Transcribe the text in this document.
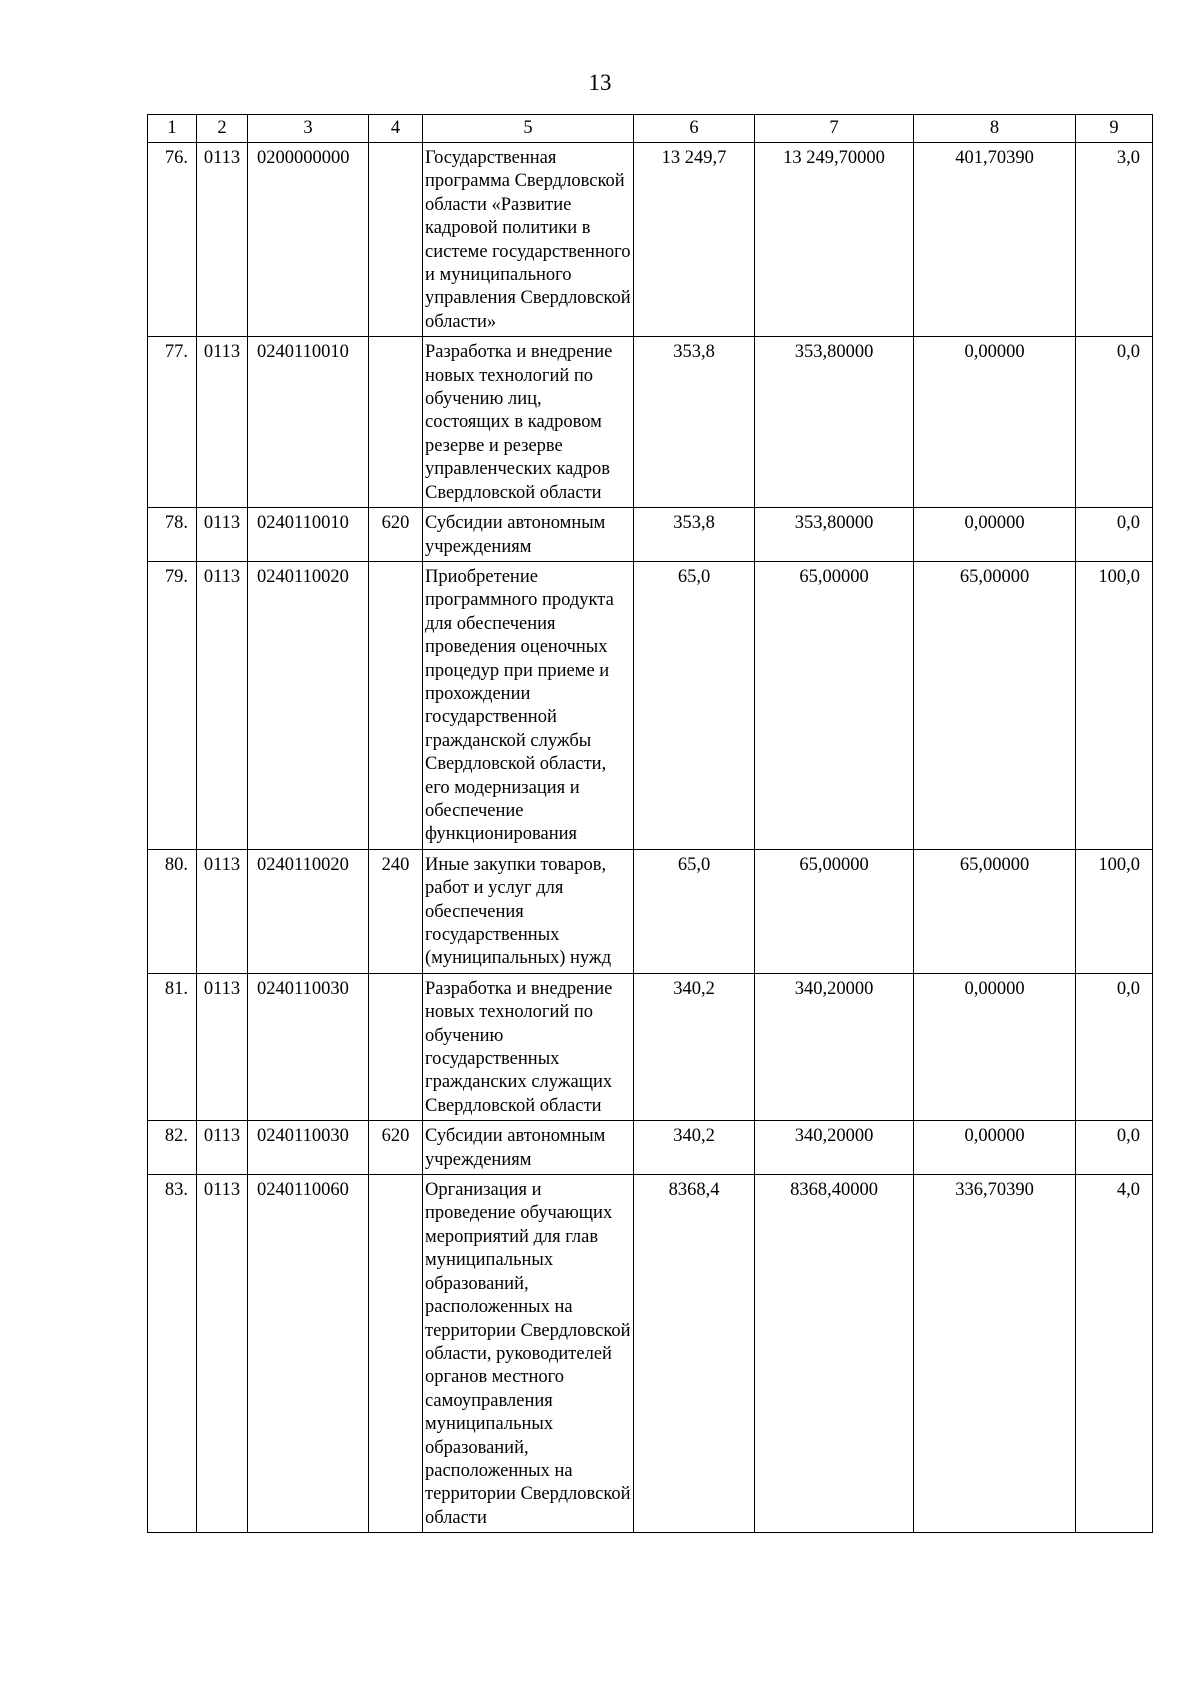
13
1	2	3	4	5	6	7	8	9
76.	0113	0200000000		Государственная программа Свердловской области «Развитие кадровой политики в системе государственного и муниципального управления Свердловской области»	13 249,7	13 249,70000	401,70390	3,0
77.	0113	0240110010		Разработка и внедрение новых технологий по обучению лиц, состоящих в кадровом резерве и резерве управленческих кадров Свердловской области	353,8	353,80000	0,00000	0,0
78.	0113	0240110010	620	Субсидии автономным учреждениям	353,8	353,80000	0,00000	0,0
79.	0113	0240110020		Приобретение программного продукта для обеспечения проведения оценочных процедур при приеме и прохождении государственной гражданской службы Свердловской области, его модернизация и обеспечение функционирования	65,0	65,00000	65,00000	100,0
80.	0113	0240110020	240	Иные закупки товаров, работ и услуг для обеспечения государственных (муниципальных) нужд	65,0	65,00000	65,00000	100,0
81.	0113	0240110030		Разработка и внедрение новых технологий по обучению государственных гражданских служащих Свердловской области	340,2	340,20000	0,00000	0,0
82.	0113	0240110030	620	Субсидии автономным учреждениям	340,2	340,20000	0,00000	0,0
83.	0113	0240110060		Организация и проведение обучающих мероприятий для глав муниципальных образований, расположенных на территории Свердловской области, руководителей органов местного самоуправления муниципальных образований, расположенных на территории Свердловской области	8368,4	8368,40000	336,70390	4,0
